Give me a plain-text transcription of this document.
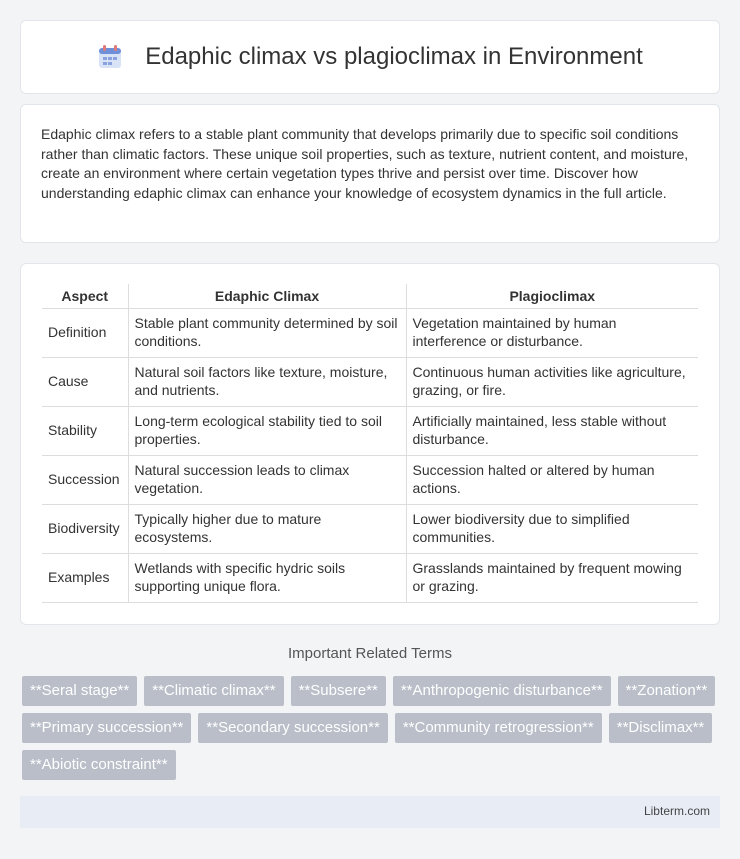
Edaphic climax vs plagioclimax in Environment

Edaphic climax refers to a stable plant community that develops primarily due to specific soil conditions rather than climatic factors. These unique soil properties, such as texture, nutrient content, and moisture, create an environment where certain vegetation types thrive and persist over time. Discover how understanding edaphic climax can enhance your knowledge of ecosystem dynamics in the full article.

Aspect	Edaphic Climax	Plagioclimax
Definition	Stable plant community determined by soil conditions.	Vegetation maintained by human interference or disturbance.
Cause	Natural soil factors like texture, moisture, and nutrients.	Continuous human activities like agriculture, grazing, or fire.
Stability	Long-term ecological stability tied to soil properties.	Artificially maintained, less stable without disturbance.
Succession	Natural succession leads to climax vegetation.	Succession halted or altered by human actions.
Biodiversity	Typically higher due to mature ecosystems.	Lower biodiversity due to simplified communities.
Examples	Wetlands with specific hydric soils supporting unique flora.	Grasslands maintained by frequent mowing or grazing.
Important Related Terms
**Seral stage**	**Climatic climax**	**Subsere**	**Anthropogenic disturbance**	**Zonation**
**Primary succession**	**Secondary succession**	**Community retrogression**	**Disclimax**
**Abiotic constraint**
Libterm.com
